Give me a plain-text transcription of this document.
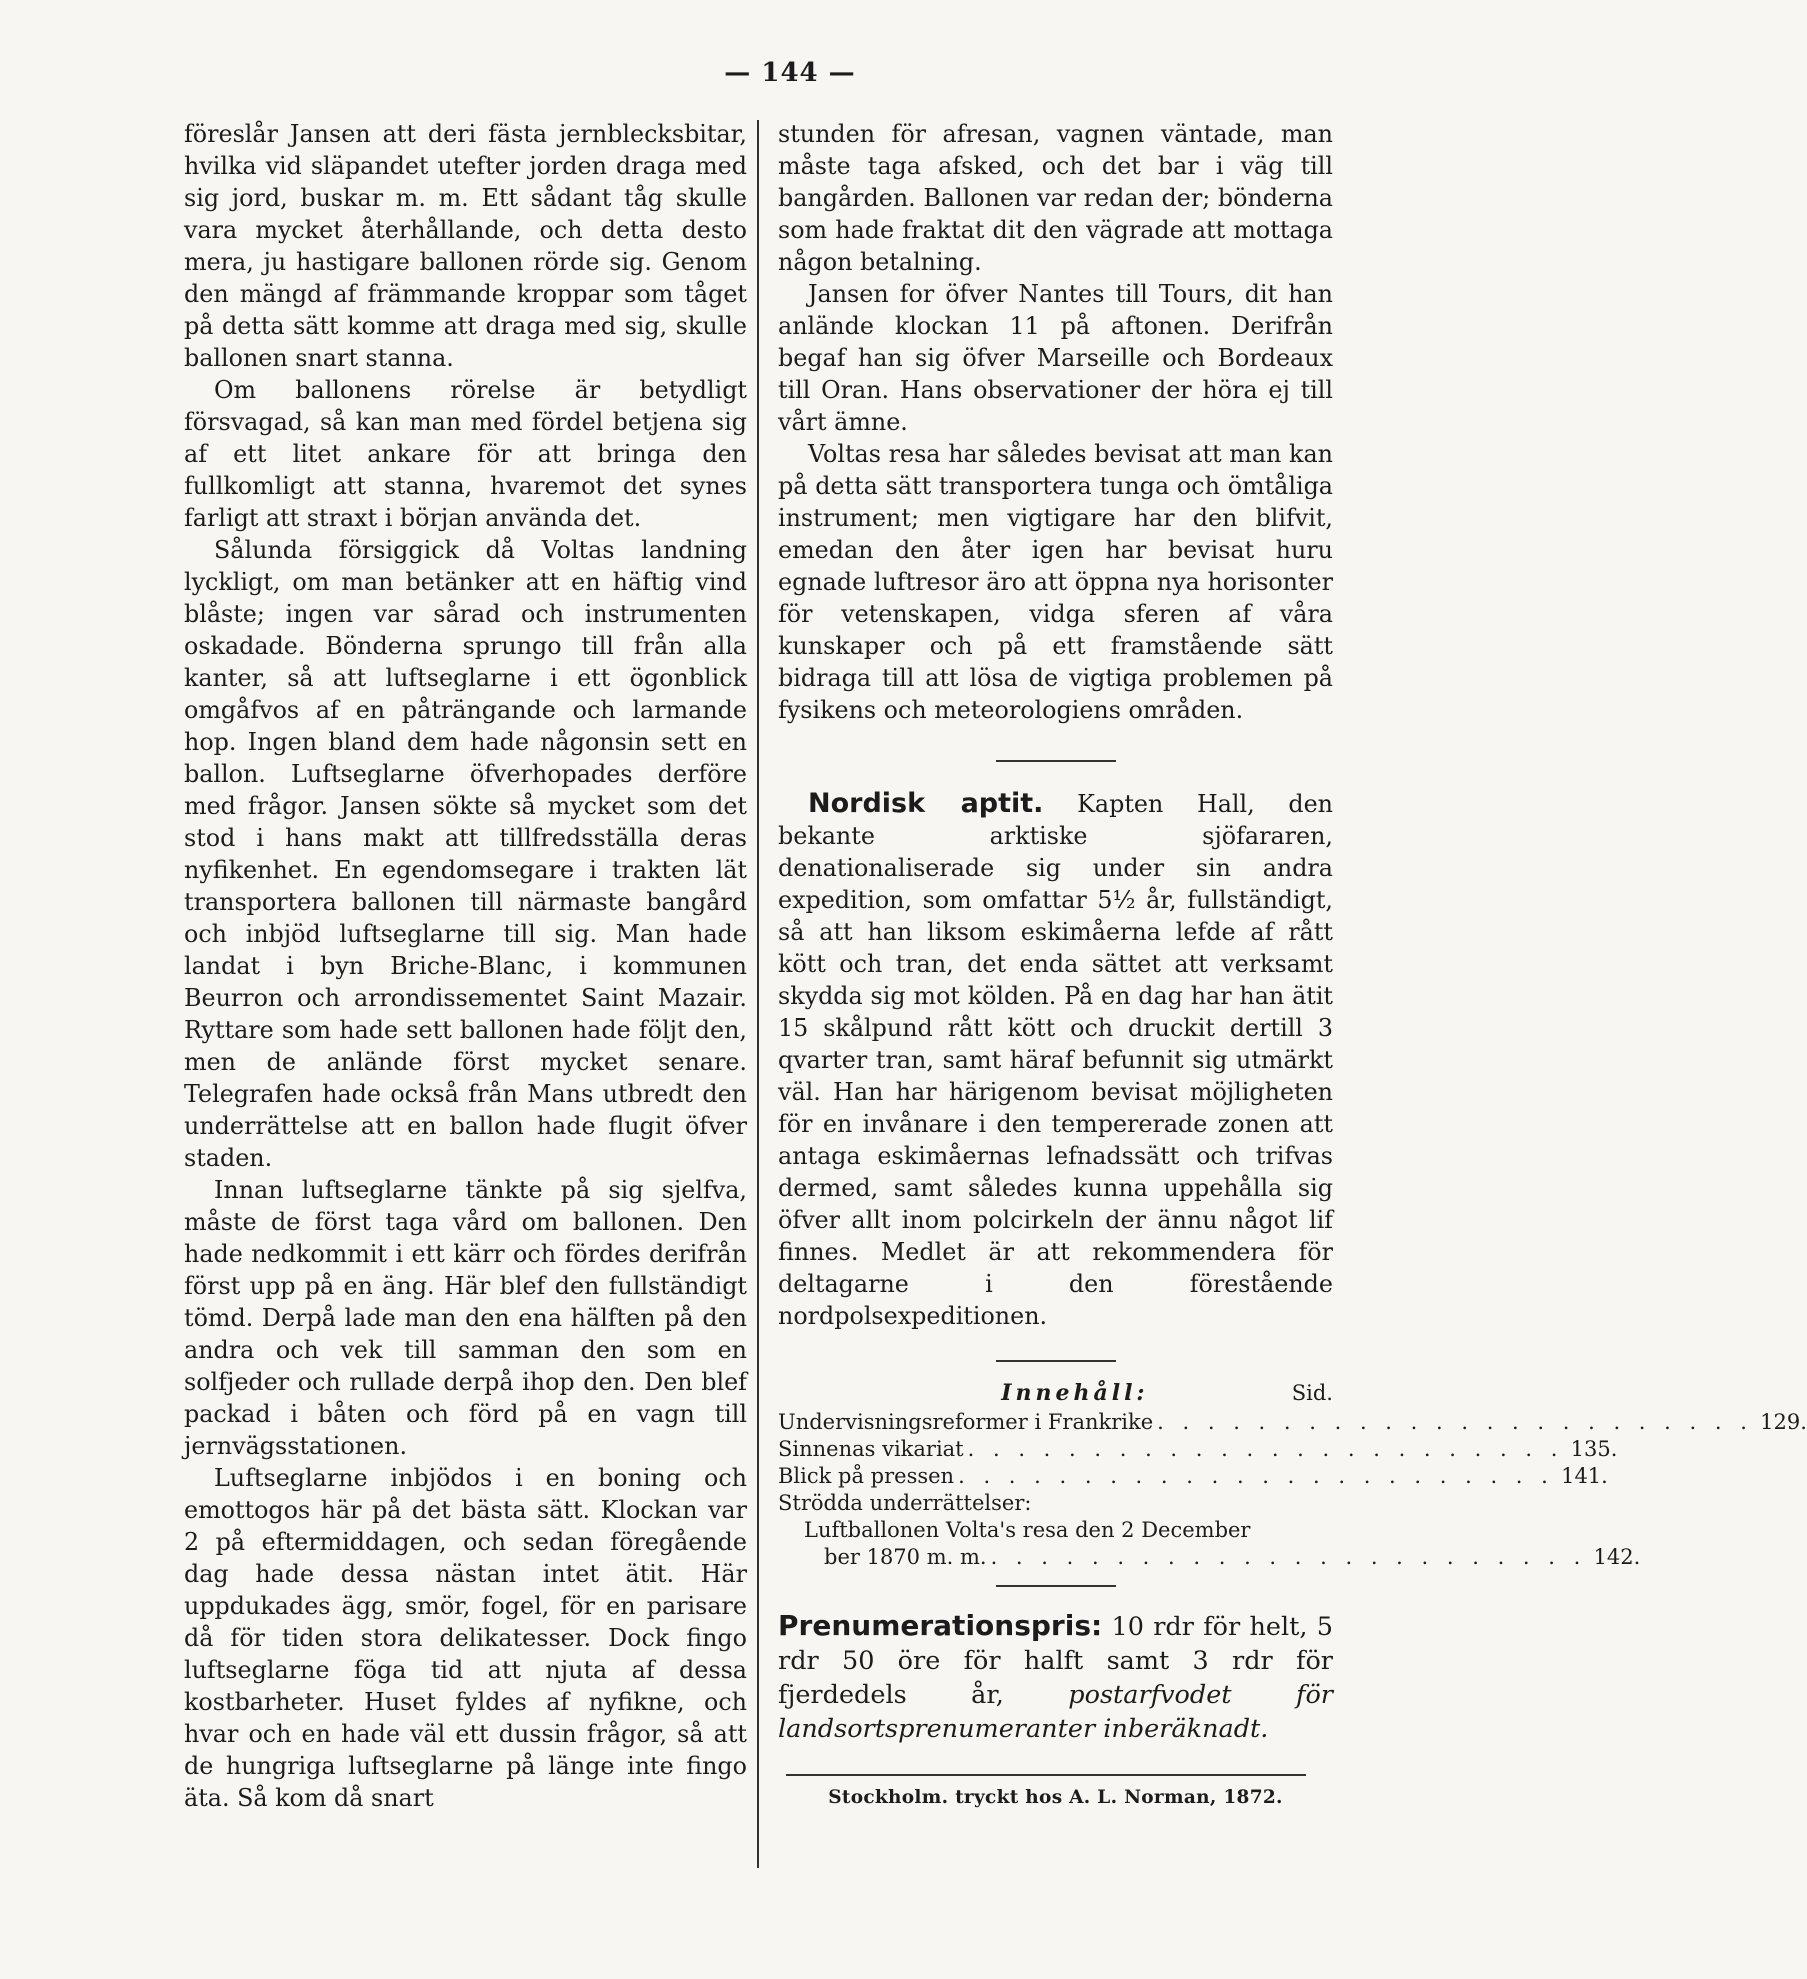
— 144 —

föreslår Jansen att deri fästa jernblecksbitar, hvilka vid släpandet utefter jorden draga med sig jord, buskar m. m. Ett sådant tåg skulle vara mycket återhållande, och detta desto mera, ju hastigare ballonen rörde sig. Genom den mängd af främmande kroppar som tåget på detta sätt komme att draga med sig, skulle ballonen snart stanna.

Om ballonens rörelse är betydligt försvagad, så kan man med fördel betjena sig af ett litet ankare för att bringa den fullkomligt att stanna, hvaremot det synes farligt att straxt i början använda det.

Sålunda försiggick då Voltas landning lyckligt, om man betänker att en häftig vind blåste; ingen var sårad och instrumenten oskadade. Bönderna sprungo till från alla kanter, så att luftseglarne i ett ögonblick omgåfvos af en påträngande och larmande hop. Ingen bland dem hade någonsin sett en ballon. Luftseglarne öfverhopades derföre med frågor. Jansen sökte så mycket som det stod i hans makt att tillfredsställa deras nyfikenhet. En egendomsegare i trakten lät transportera ballonen till närmaste bangård och inbjöd luftseglarne till sig. Man hade landat i byn Briche-Blanc, i kommunen Beurron och arrondissementet Saint Mazair. Ryttare som hade sett ballonen hade följt den, men de anlände först mycket senare. Telegrafen hade också från Mans utbredt den underrättelse att en ballon hade flugit öfver staden.

Innan luftseglarne tänkte på sig sjelfva, måste de först taga vård om ballonen. Den hade nedkommit i ett kärr och fördes derifrån först upp på en äng. Här blef den fullständigt tömd. Derpå lade man den ena hälften på den andra och vek till samman den som en solfjeder och rullade derpå ihop den. Den blef packad i båten och förd på en vagn till jernvägsstationen.

Luftseglarne inbjödos i en boning och emottogos här på det bästa sätt. Klockan var 2 på eftermiddagen, och sedan föregående dag hade dessa nästan intet ätit. Här uppdukades ägg, smör, fogel, för en parisare då för tiden stora delikatesser. Dock fingo luftseglarne föga tid att njuta af dessa kostbarheter. Huset fyldes af nyfikne, och hvar och en hade väl ett dussin frågor, så att de hungriga luftseglarne på länge inte fingo äta. Så kom då snart

stunden för afresan, vagnen väntade, man måste taga afsked, och det bar i väg till bangården. Ballonen var redan der; bönderna som hade fraktat dit den vägrade att mottaga någon betalning.

Jansen for öfver Nantes till Tours, dit han anlände klockan 11 på aftonen. Derifrån begaf han sig öfver Marseille och Bordeaux till Oran. Hans observationer der höra ej till vårt ämne.

Voltas resa har således bevisat att man kan på detta sätt transportera tunga och ömtåliga instrument; men vigtigare har den blifvit, emedan den åter igen har bevisat huru egnade luftresor äro att öppna nya horisonter för vetenskapen, vidga sferen af våra kunskaper och på ett framstående sätt bidraga till att lösa de vigtiga problemen på fysikens och meteorologiens områden.

Nordisk aptit. Kapten Hall, den bekante arktiske sjöfararen, denationaliserade sig under sin andra expedition, som omfattar 5½ år, fullständigt, så att han liksom eskimåerna lefde af rått kött och tran, det enda sättet att verksamt skydda sig mot kölden. På en dag har han ätit 15 skålpund rått kött och druckit dertill 3 qvarter tran, samt häraf befunnit sig utmärkt väl. Han har härigenom bevisat möjligheten för en invånare i den tempererade zonen att antaga eskimåernas lefnadssätt och trifvas dermed, samt således kunna uppehålla sig öfver allt inom polcirkeln der ännu något lif finnes. Medlet är att rekommendera för deltagarne i den förestående nordpolsexpeditionen.

Innehåll:	Sid.
Undervisningsreformer i Frankrike . . . . . . . . . . . . . . . . . . . . . . . . 129.
Sinnenas vikariat . . . . . . . . . . . . . . . . . . . . . . . . 135.
Blick på pressen . . . . . . . . . . . . . . . . . . . . . . . . 141.
Strödda underrättelser:
Luftballonen Volta's resa den 2 December
ber 1870 m. m. . . . . . . . . . . . . . . . . . . . . . . . . 142.

Prenumerationspris: 10 rdr för helt, 5 rdr 50 öre för halft samt 3 rdr för fjerdedels år, postarfvodet för landsortsprenumeranter inberäknadt.

Stockholm. tryckt hos A. L. Norman, 1872.
